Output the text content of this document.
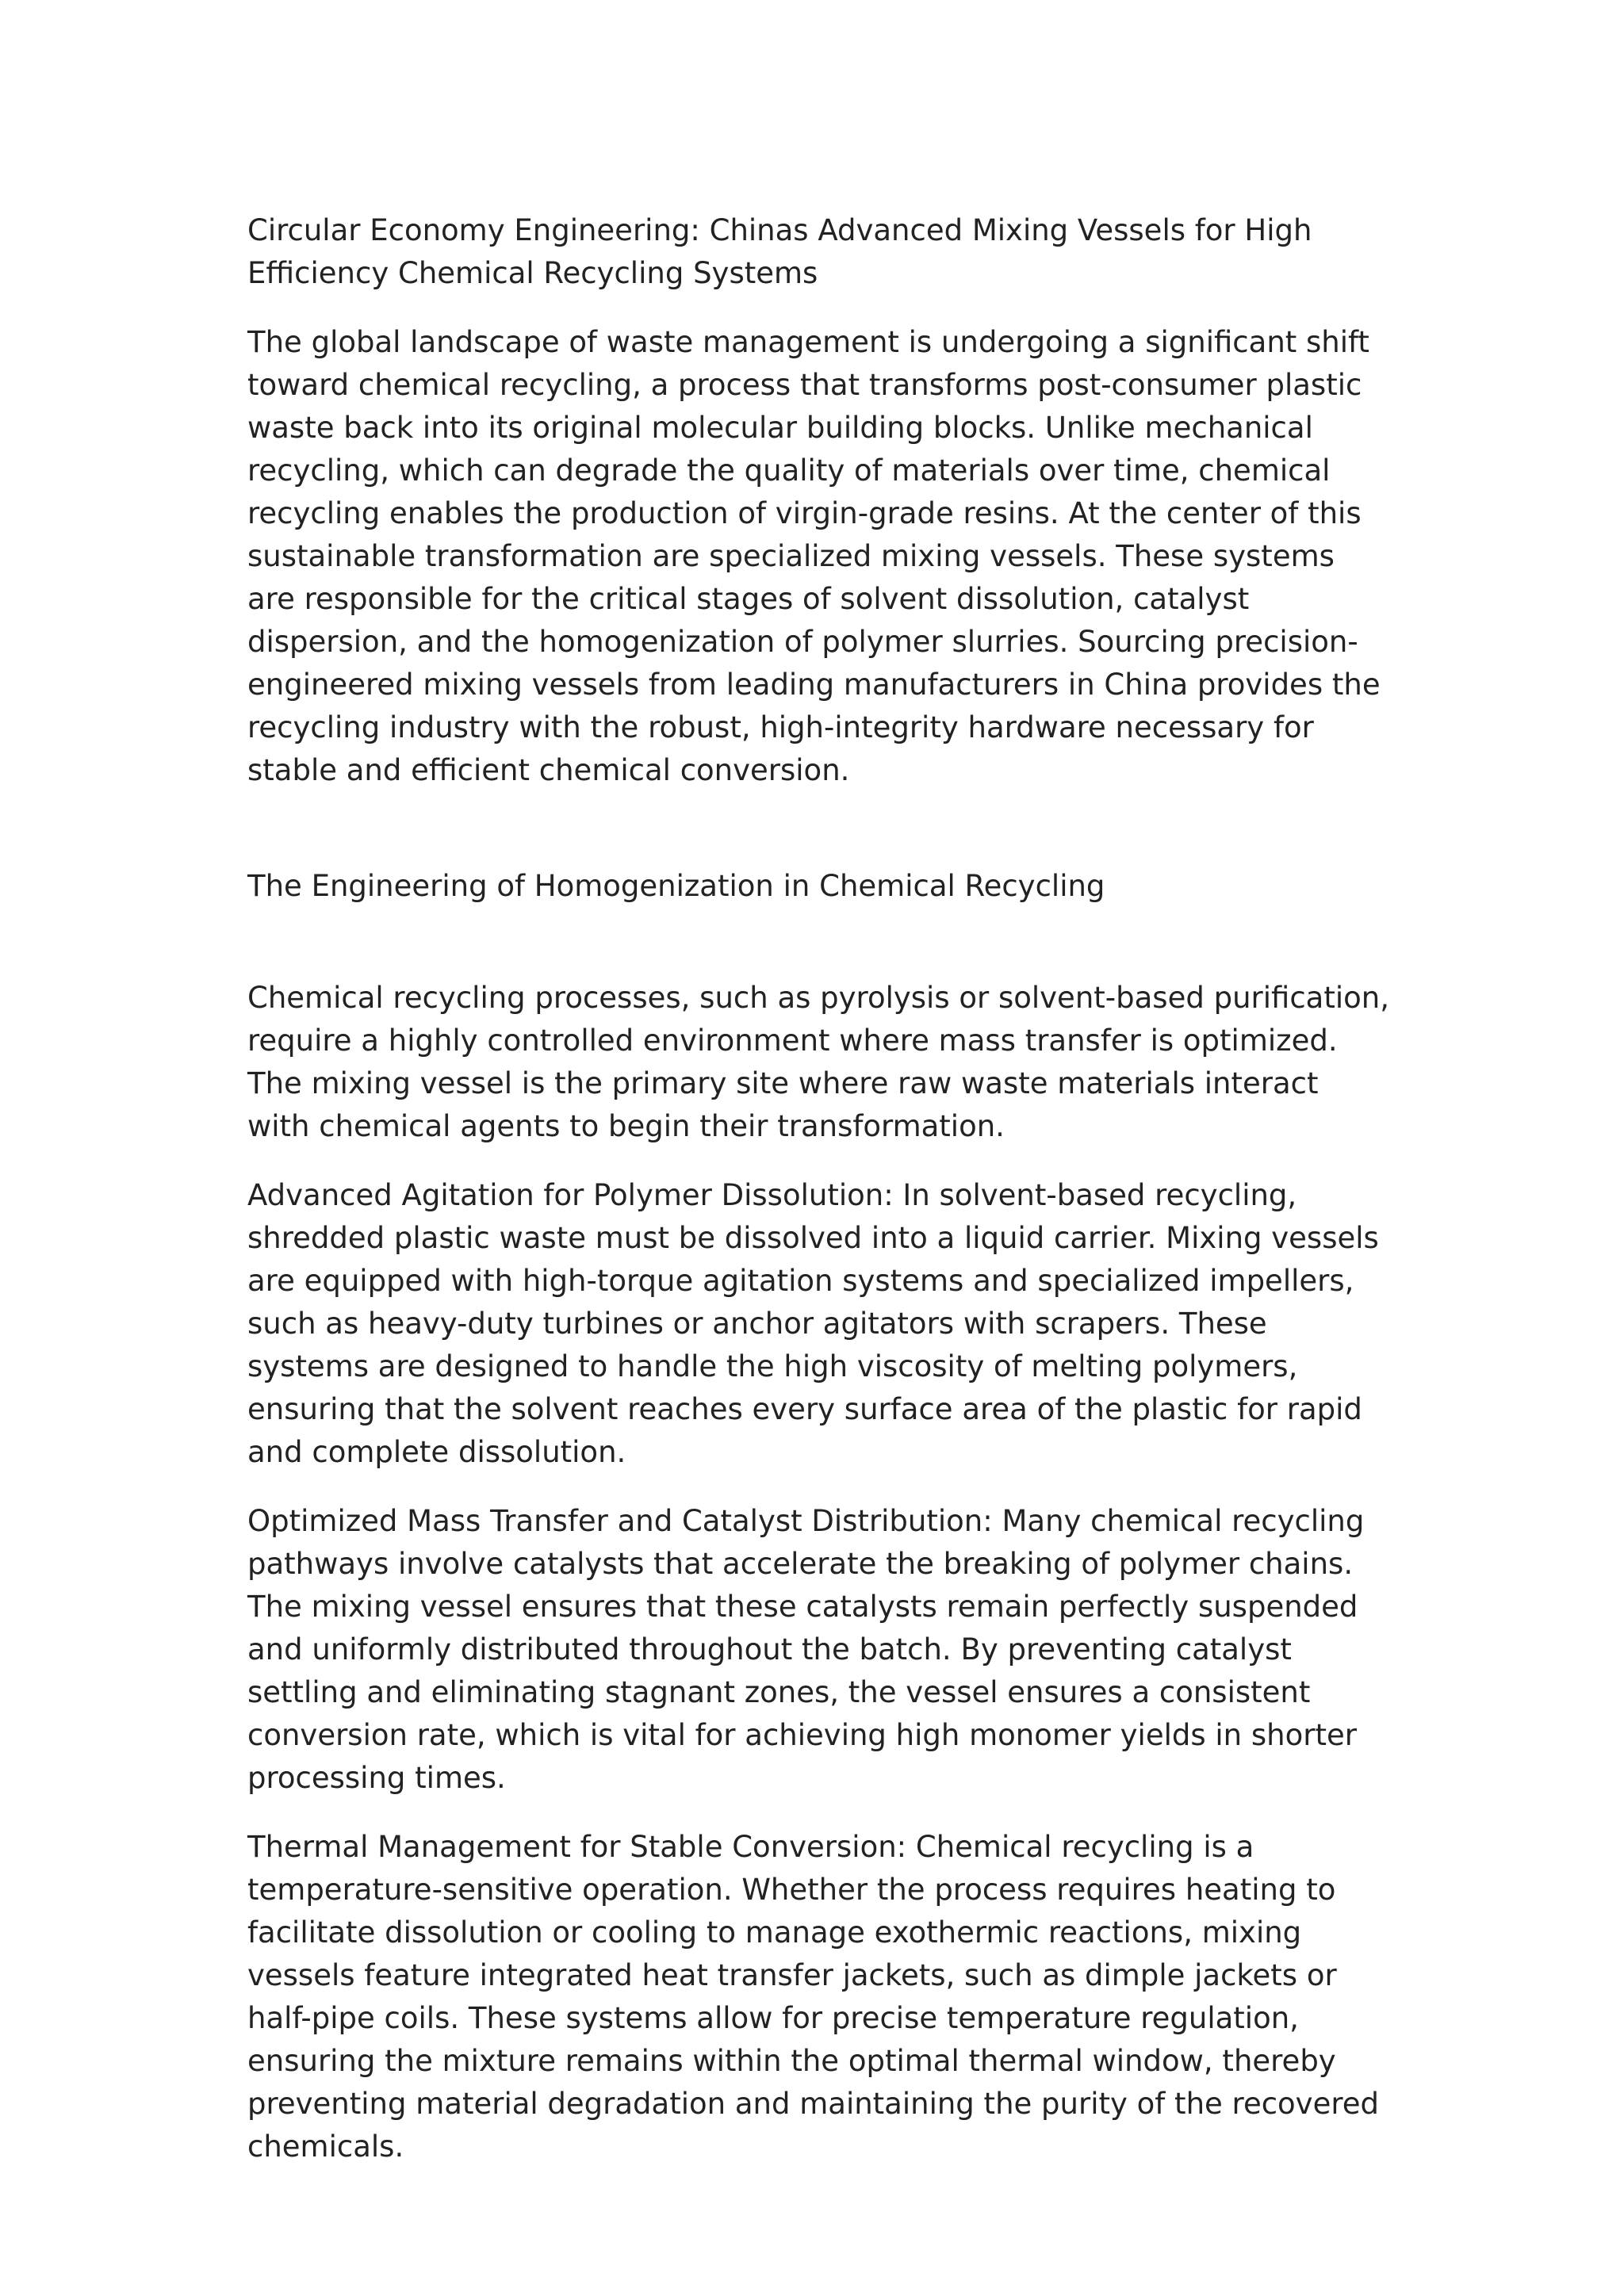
Circular Economy Engineering: Chinas Advanced Mixing Vessels for High Efficiency Chemical Recycling Systems

The global landscape of waste management is undergoing a significant shift toward chemical recycling, a process that transforms post-consumer plastic waste back into its original molecular building blocks. Unlike mechanical recycling, which can degrade the quality of materials over time, chemical recycling enables the production of virgin-grade resins. At the center of this sustainable transformation are specialized mixing vessels. These systems are responsible for the critical stages of solvent dissolution, catalyst dispersion, and the homogenization of polymer slurries. Sourcing precision-engineered mixing vessels from leading manufacturers in China provides the recycling industry with the robust, high-integrity hardware necessary for stable and efficient chemical conversion.

The Engineering of Homogenization in Chemical Recycling

Chemical recycling processes, such as pyrolysis or solvent-based purification, require a highly controlled environment where mass transfer is optimized. The mixing vessel is the primary site where raw waste materials interact with chemical agents to begin their transformation.

Advanced Agitation for Polymer Dissolution: In solvent-based recycling, shredded plastic waste must be dissolved into a liquid carrier. Mixing vessels are equipped with high-torque agitation systems and specialized impellers, such as heavy-duty turbines or anchor agitators with scrapers. These systems are designed to handle the high viscosity of melting polymers, ensuring that the solvent reaches every surface area of the plastic for rapid and complete dissolution.

Optimized Mass Transfer and Catalyst Distribution: Many chemical recycling pathways involve catalysts that accelerate the breaking of polymer chains. The mixing vessel ensures that these catalysts remain perfectly suspended and uniformly distributed throughout the batch. By preventing catalyst settling and eliminating stagnant zones, the vessel ensures a consistent conversion rate, which is vital for achieving high monomer yields in shorter processing times.

Thermal Management for Stable Conversion: Chemical recycling is a temperature-sensitive operation. Whether the process requires heating to facilitate dissolution or cooling to manage exothermic reactions, mixing vessels feature integrated heat transfer jackets, such as dimple jackets or half-pipe coils. These systems allow for precise temperature regulation, ensuring the mixture remains within the optimal thermal window, thereby preventing material degradation and maintaining the purity of the recovered chemicals.
